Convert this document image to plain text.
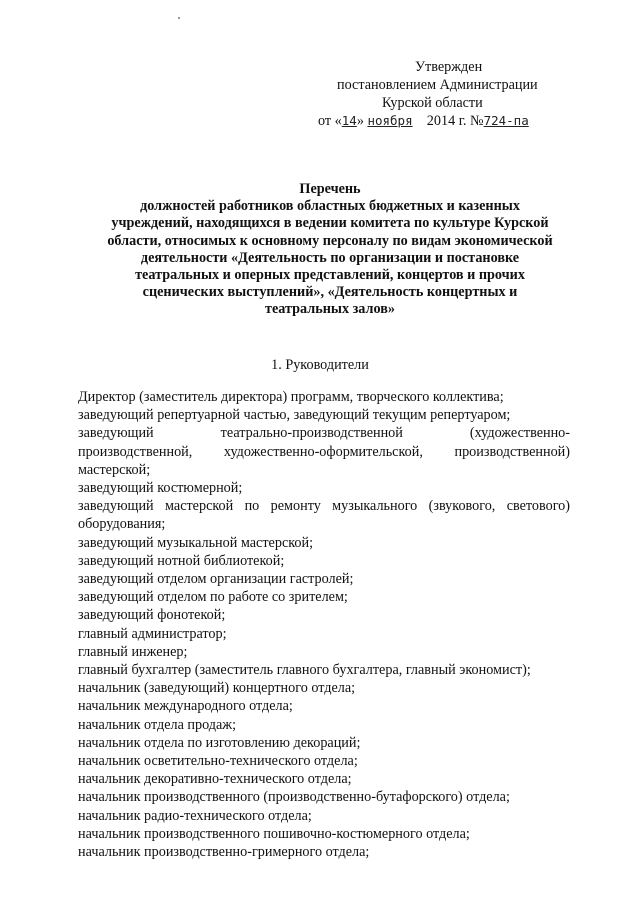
Утвержден
постановлением Администрации
Курской области
от «14» ноября 2014 г. №724-па
Перечень
должностей работников областных бюджетных и казенных
учреждений, находящихся в ведении комитета по культуре Курской
области, относимых к основному персоналу по видам экономической
деятельности «Деятельность по организации и постановке
театральных и оперных представлений, концертов и прочих
сценических выступлений», «Деятельность концертных и
театральных залов»
1. Руководители
Директор (заместитель директора) программ, творческого коллектива;
заведующий репертуарной частью, заведующий текущим репертуаром;
заведующий театрально-производственной (художественно-
производственной, художественно-оформительской, производственной)
мастерской;
заведующий костюмерной;
заведующий мастерской по ремонту музыкального (звукового, светового)
оборудования;
заведующий музыкальной мастерской;
заведующий нотной библиотекой;
заведующий отделом организации гастролей;
заведующий отделом по работе со зрителем;
заведующий фонотекой;
главный администратор;
главный инженер;
главный бухгалтер (заместитель главного бухгалтера, главный экономист);
начальник (заведующий) концертного отдела;
начальник международного отдела;
начальник отдела продаж;
начальник отдела по изготовлению декораций;
начальник осветительно-технического отдела;
начальник декоративно-технического отдела;
начальник производственного (производственно-бутафорского) отдела;
начальник радио-технического отдела;
начальник производственного пошивочно-костюмерного отдела;
начальник производственно-гримерного отдела;
